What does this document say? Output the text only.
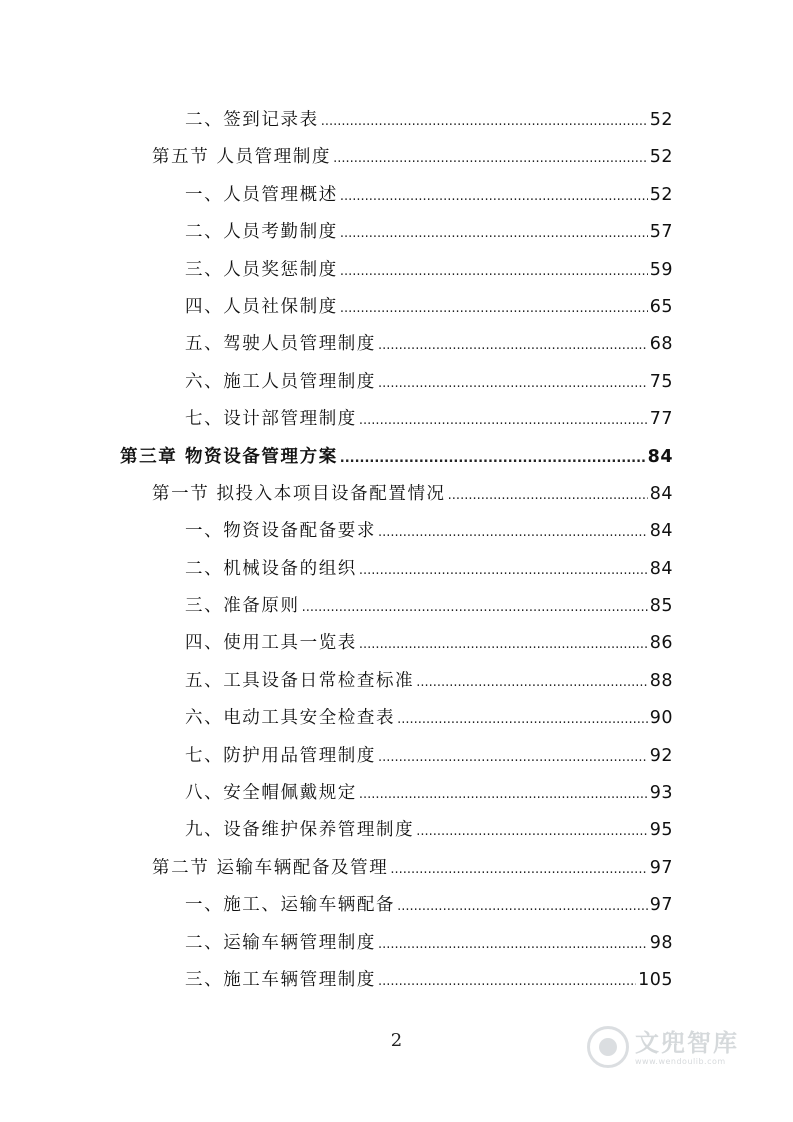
二、签到记录表 .....	52
第五节 人员管理制度 .....	52
一、人员管理概述 .....	52
二、人员考勤制度 .....	57
三、人员奖惩制度 .....	59
四、人员社保制度 .....	65
五、驾驶人员管理制度 .....	68
六、施工人员管理制度 .....	75
七、设计部管理制度 .....	77
第三章 物资设备管理方案 .....	84
第一节 拟投入本项目设备配置情况 .....	84
一、物资设备配备要求 .....	84
二、机械设备的组织 .....	84
三、准备原则 .....	85
四、使用工具一览表 .....	86
五、工具设备日常检查标准 .....	88
六、电动工具安全检查表 .....	90
七、防护用品管理制度 .....	92
八、安全帽佩戴规定 .....	93
九、设备维护保养管理制度 .....	95
第二节 运输车辆配备及管理 .....	97
一、施工、运输车辆配备 .....	97
二、运输车辆管理制度 .....	98
三、施工车辆管理制度 .....	105
2	文兜智库
www.wendoulib.com
